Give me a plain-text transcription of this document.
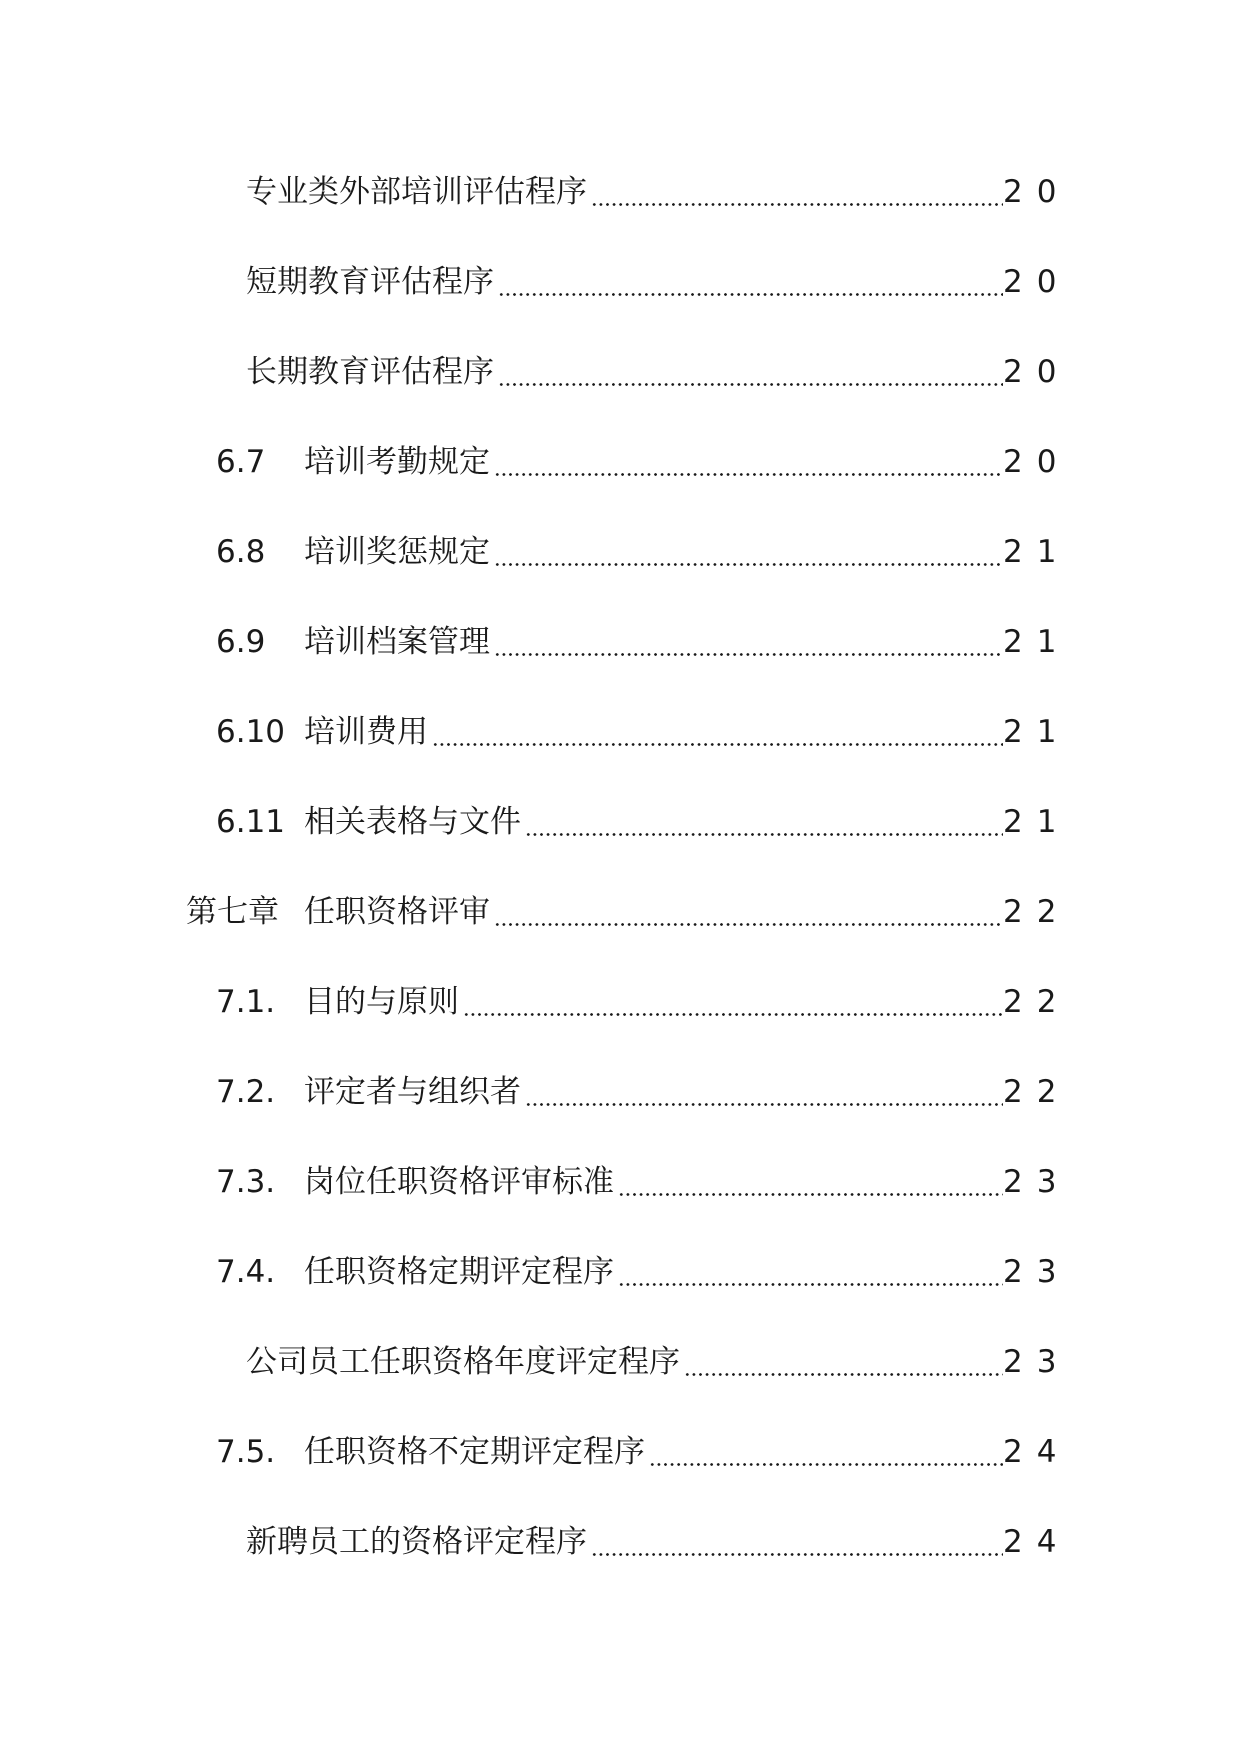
专业类外部培训评估程序	20
短期教育评估程序	20
长期教育评估程序	20
6.7 培训考勤规定	20
6.8 培训奖惩规定	21
6.9 培训档案管理	21
6.10 培训费用	21
6.11 相关表格与文件	21
第七章 任职资格评审	22
7.1. 目的与原则	22
7.2. 评定者与组织者	22
7.3. 岗位任职资格评审标准	23
7.4. 任职资格定期评定程序	23
公司员工任职资格年度评定程序	23
7.5. 任职资格不定期评定程序	24
新聘员工的资格评定程序	24
